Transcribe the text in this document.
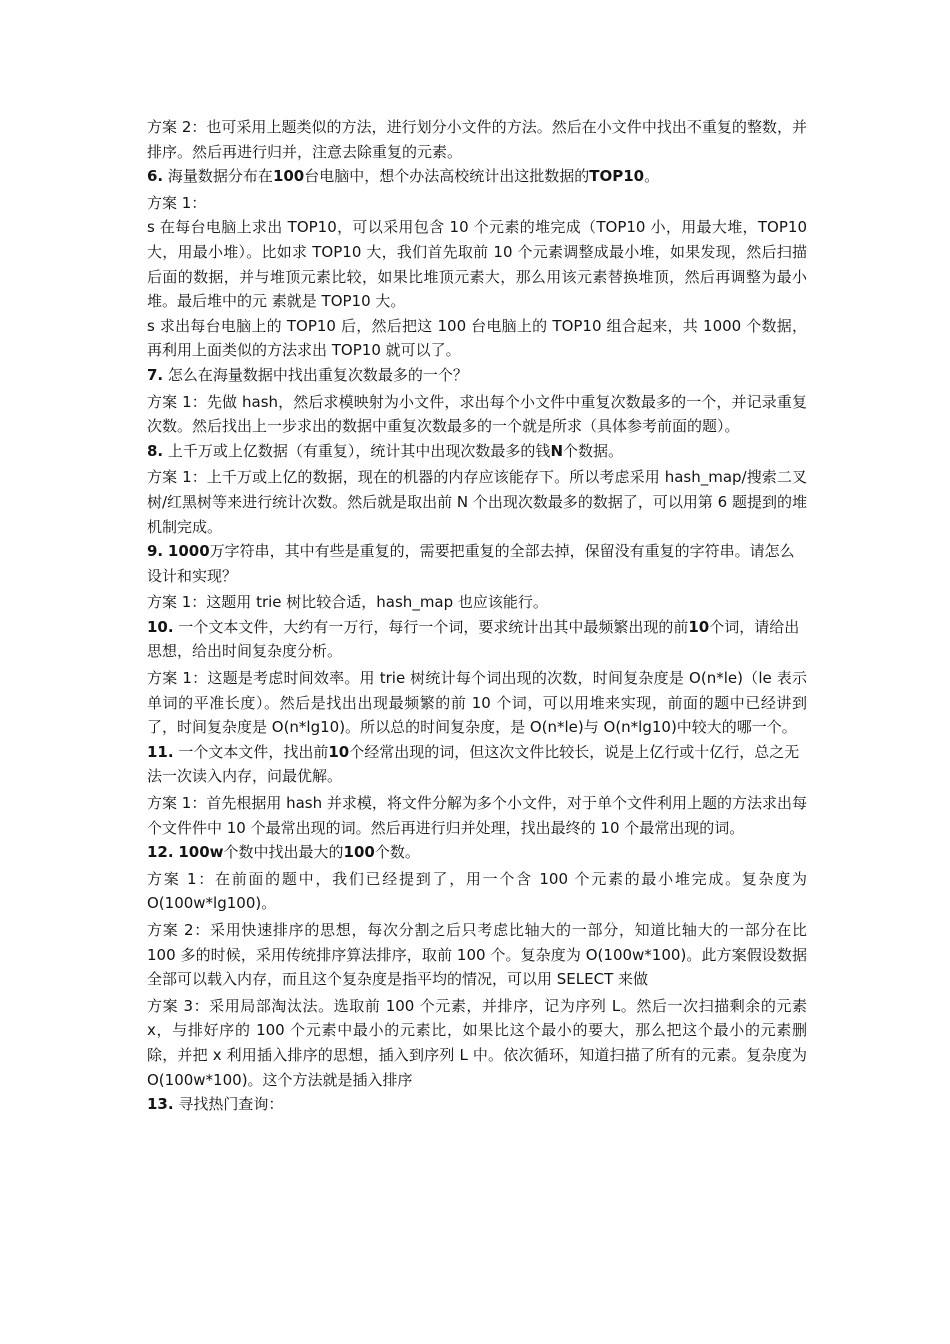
方案 2：也可采用上题类似的方法，进行划分小文件的方法。然后在小文件中找出不重复的整数，并排序。然后再进行归并，注意去除重复的元素。

6. 海量数据分布在100台电脑中，想个办法高校统计出这批数据的TOP10。

方案 1：

s 在每台电脑上求出 TOP10，可以采用包含 10 个元素的堆完成（TOP10 小，用最大堆，TOP10 大，用最小堆）。比如求 TOP10 大，我们首先取前 10 个元素调整成最小堆，如果发现，然后扫描后面的数据，并与堆顶元素比较，如果比堆顶元素大，那么用该元素替换堆顶，然后再调整为最小堆。最后堆中的元 素就是 TOP10 大。

s 求出每台电脑上的 TOP10 后，然后把这 100 台电脑上的 TOP10 组合起来，共 1000 个数据，再利用上面类似的方法求出 TOP10 就可以了。

7. 怎么在海量数据中找出重复次数最多的一个？

方案 1：先做 hash，然后求模映射为小文件，求出每个小文件中重复次数最多的一个，并记录重复次数。然后找出上一步求出的数据中重复次数最多的一个就是所求（具体参考前面的题）。

8. 上千万或上亿数据（有重复），统计其中出现次数最多的钱N个数据。

方案 1：上千万或上亿的数据，现在的机器的内存应该能存下。所以考虑采用 hash_map/搜索二叉树/红黑树等来进行统计次数。然后就是取出前 N 个出现次数最多的数据了，可以用第 6 题提到的堆机制完成。

9. 1000万字符串，其中有些是重复的，需要把重复的全部去掉，保留没有重复的字符串。请怎么设计和实现？

方案 1：这题用 trie 树比较合适，hash_map 也应该能行。

10. 一个文本文件，大约有一万行，每行一个词，要求统计出其中最频繁出现的前10个词，请给出思想，给出时间复杂度分析。

方案 1：这题是考虑时间效率。用 trie 树统计每个词出现的次数，时间复杂度是 O(n*le)（le 表示单词的平准长度）。然后是找出出现最频繁的前 10 个词，可以用堆来实现，前面的题中已经讲到了，时间复杂度是 O(n*lg10)。所以总的时间复杂度，是 O(n*le)与 O(n*lg10)中较大的哪一个。

11. 一个文本文件，找出前10个经常出现的词，但这次文件比较长，说是上亿行或十亿行，总之无法一次读入内存，问最优解。

方案 1：首先根据用 hash 并求模，将文件分解为多个小文件，对于单个文件利用上题的方法求出每个文件件中 10 个最常出现的词。然后再进行归并处理，找出最终的 10 个最常出现的词。

12. 100w个数中找出最大的100个数。

方案 1：在前面的题中，我们已经提到了，用一个含 100 个元素的最小堆完成。复杂度为 O(100w*lg100)。

方案 2：采用快速排序的思想，每次分割之后只考虑比轴大的一部分，知道比轴大的一部分在比 100 多的时候，采用传统排序算法排序，取前 100 个。复杂度为 O(100w*100)。此方案假设数据全部可以载入内存，而且这个复杂度是指平均的情况，可以用 SELECT 来做

方案 3：采用局部淘汰法。选取前 100 个元素，并排序，记为序列 L。然后一次扫描剩余的元素 x，与排好序的 100 个元素中最小的元素比，如果比这个最小的要大，那么把这个最小的元素删除，并把 x 利用插入排序的思想，插入到序列 L 中。依次循环，知道扫描了所有的元素。复杂度为 O(100w*100)。这个方法就是插入排序

13. 寻找热门查询：
